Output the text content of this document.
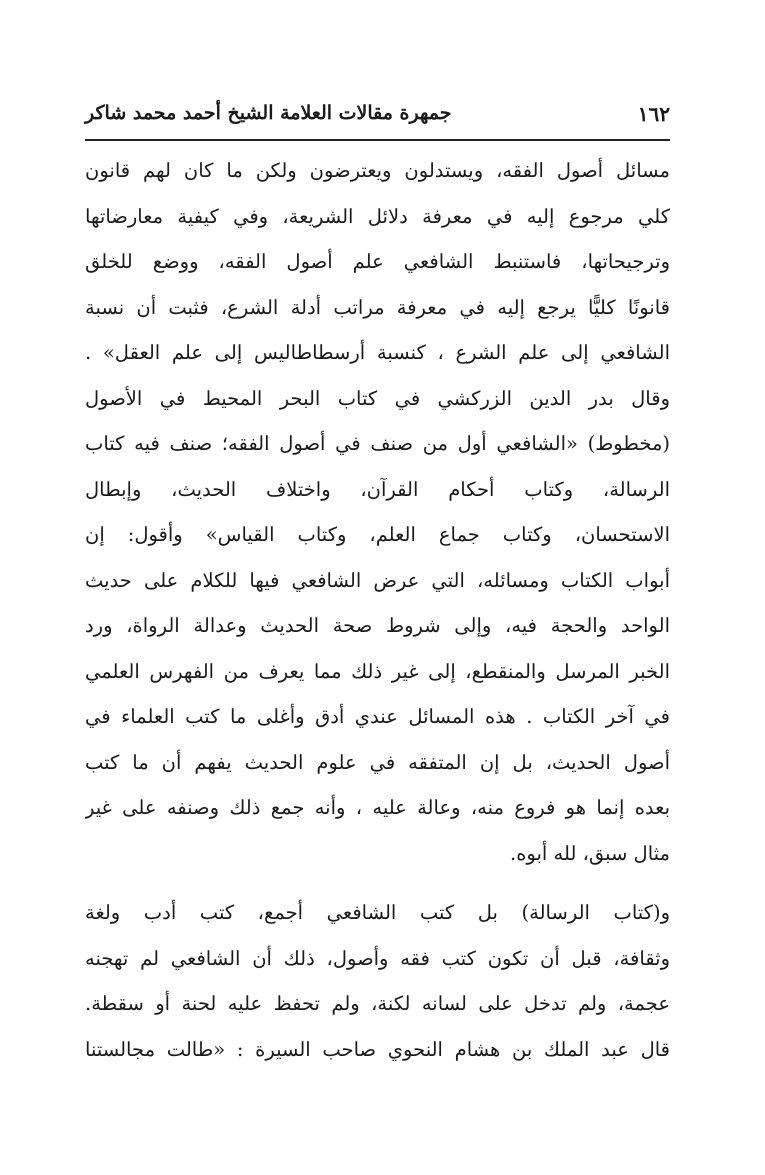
١٦٢
جمهرة مقالات العلامة الشيخ أحمد محمد شاكر
مسائل أصول الفقه، ويستدلون ويعترضون ولكن ما كان لهم قانون
كلي مرجوع إليه في معرفة دلائل الشريعة، وفي كيفية معارضاتها
وترجيحاتها، فاستنبط الشافعي علم أصول الفقه، ووضع للخلق
قانونًا كليًّا يرجع إليه في معرفة مراتب أدلة الشرع، فثبت أن نسبة
الشافعي إلى علم الشرع ، كنسبة أرسطاطاليس إلى علم العقل» .
وقال بدر الدين الزركشي في كتاب البحر المحيط في الأصول
(مخطوط) «الشافعي أول من صنف في أصول الفقه؛ صنف فيه كتاب
الرسالة، وكتاب أحكام القرآن، واختلاف الحديث، وإبطال
الاستحسان، وكتاب جماع العلم، وكتاب القياس» وأقول: إن
أبواب الكتاب ومسائله، التي عرض الشافعي فيها للكلام على حديث
الواحد والحجة فيه، وإلى شروط صحة الحديث وعدالة الرواة، ورد
الخبر المرسل والمنقطع، إلى غير ذلك مما يعرف من الفهرس العلمي
في آخر الكتاب . هذه المسائل عندي أدق وأغلى ما كتب العلماء في
أصول الحديث، بل إن المتفقه في علوم الحديث يفهم أن ما كتب
بعده إنما هو فروع منه، وعالة عليه ، وأنه جمع ذلك وصنفه على غير
مثال سبق، لله أبوه.
و(كتاب الرسالة) بل كتب الشافعي أجمع، كتب أدب ولغة
وثقافة، قبل أن تكون كتب فقه وأصول، ذلك أن الشافعي لم تهجنه
عجمة، ولم تدخل على لسانه لكنة، ولم تحفظ عليه لحنة أو سقطة.
قال عبد الملك بن هشام النحوي صاحب السيرة : «طالت مجالستنا
